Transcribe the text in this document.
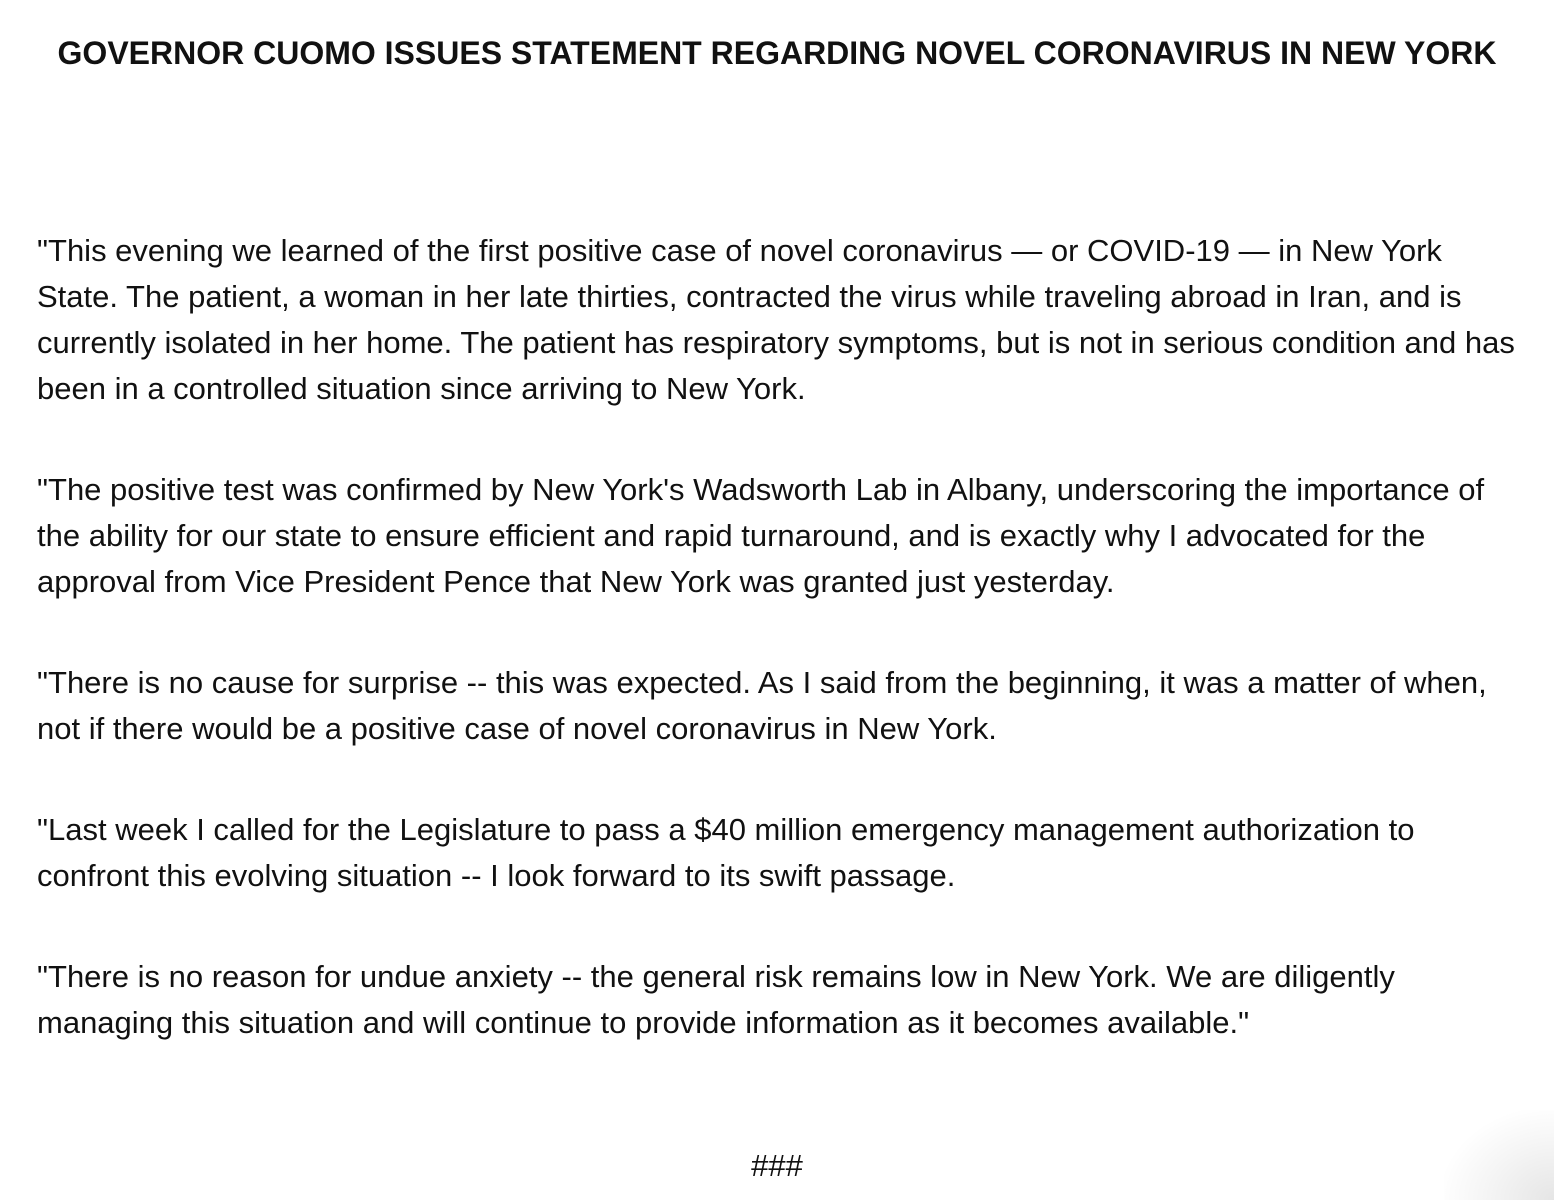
GOVERNOR CUOMO ISSUES STATEMENT REGARDING NOVEL CORONAVIRUS IN NEW YORK

"This evening we learned of the first positive case of novel coronavirus — or COVID-19 — in New York State. The patient, a woman in her late thirties, contracted the virus while traveling abroad in Iran, and is currently isolated in her home. The patient has respiratory symptoms, but is not in serious condition and has been in a controlled situation since arriving to New York.

"The positive test was confirmed by New York's Wadsworth Lab in Albany, underscoring the importance of the ability for our state to ensure efficient and rapid turnaround, and is exactly why I advocated for the approval from Vice President Pence that New York was granted just yesterday.

"There is no cause for surprise -- this was expected. As I said from the beginning, it was a matter of when, not if there would be a positive case of novel coronavirus in New York.

"Last week I called for the Legislature to pass a $40 million emergency management authorization to confront this evolving situation -- I look forward to its swift passage.

"There is no reason for undue anxiety -- the general risk remains low in New York. We are diligently managing this situation and will continue to provide information as it becomes available."

###
